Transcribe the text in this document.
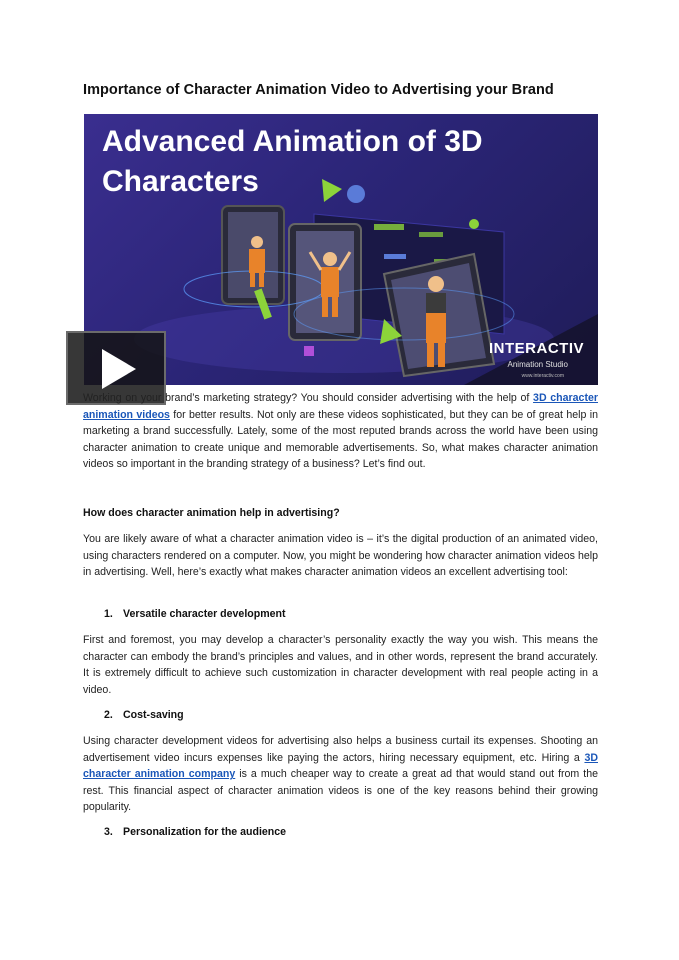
Importance of Character Animation Video to Advertising your Brand
Advanced Animation of 3D Characters
INTERACTIV
Animation Studio
www.interactiv.com

Working on your brand’s marketing strategy? You should consider advertising with the help of 3D character animation videos for better results. Not only are these videos sophisticated, but they can be of great help in marketing a brand successfully. Lately, some of the most reputed brands across the world have been using character animation to create unique and memorable advertisements. So, what makes character animation videos so important in the branding strategy of a business? Let’s find out.

How does character animation help in advertising?

You are likely aware of what a character animation video is – it’s the digital production of an animated video, using characters rendered on a computer. Now, you might be wondering how character animation videos help in advertising. Well, here’s exactly what makes character animation videos an excellent advertising tool:

1. Versatile character development

First and foremost, you may develop a character’s personality exactly the way you wish. This means the character can embody the brand’s principles and values, and in other words, represent the brand accurately. It is extremely difficult to achieve such customization in character development with real people acting in a video.

2. Cost-saving

Using character development videos for advertising also helps a business curtail its expenses. Shooting an advertisement video incurs expenses like paying the actors, hiring necessary equipment, etc. Hiring a 3D character animation company is a much cheaper way to create a great ad that would stand out from the rest. This financial aspect of character animation videos is one of the key reasons behind their growing popularity.

3. Personalization for the audience
